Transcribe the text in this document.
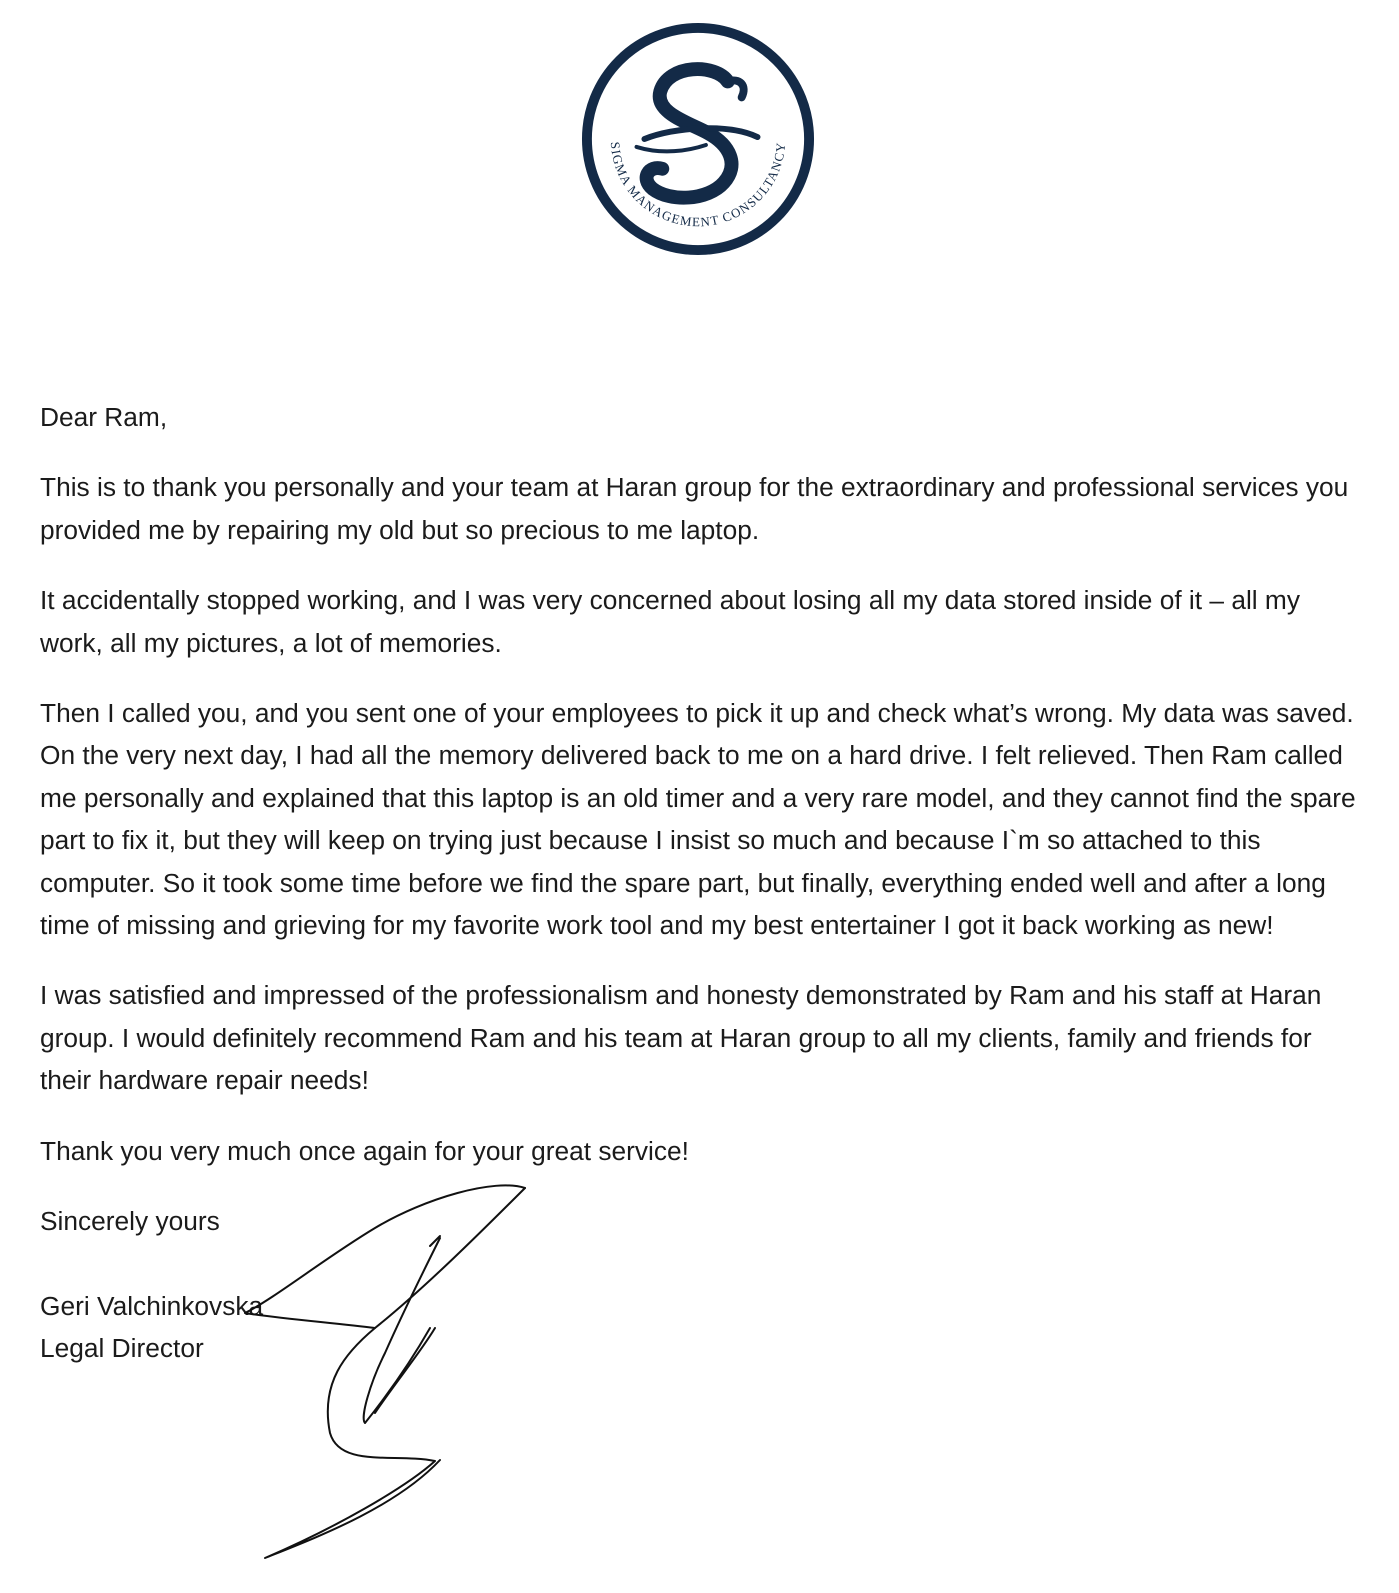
SIGMA MANAGEMENT CONSULTANCY

Dear Ram,

This is to thank you personally and your team at Haran group for the extraordinary and professional services you provided me by repairing my old but so precious to me laptop.

It accidentally stopped working, and I was very concerned about losing all my data stored inside of it – all my work, all my pictures, a lot of memories.

Then I called you, and you sent one of your employees to pick it up and check what’s wrong. My data was saved. On the very next day, I had all the memory delivered back to me on a hard drive. I felt relieved. Then Ram called me personally and explained that this laptop is an old timer and a very rare model, and they cannot find the spare part to fix it, but they will keep on trying just because I insist so much and because I`m so attached to this computer. So it took some time before we find the spare part, but finally, everything ended well and after a long time of missing and grieving for my favorite work tool and my best entertainer I got it back working as new!

I was satisfied and impressed of the professionalism and honesty demonstrated by Ram and his staff at Haran group. I would definitely recommend Ram and his team at Haran group to all my clients, family and friends for their hardware repair needs!

Thank you very much once again for your great service!

Sincerely yours

Geri Valchinkovska

Legal Director
